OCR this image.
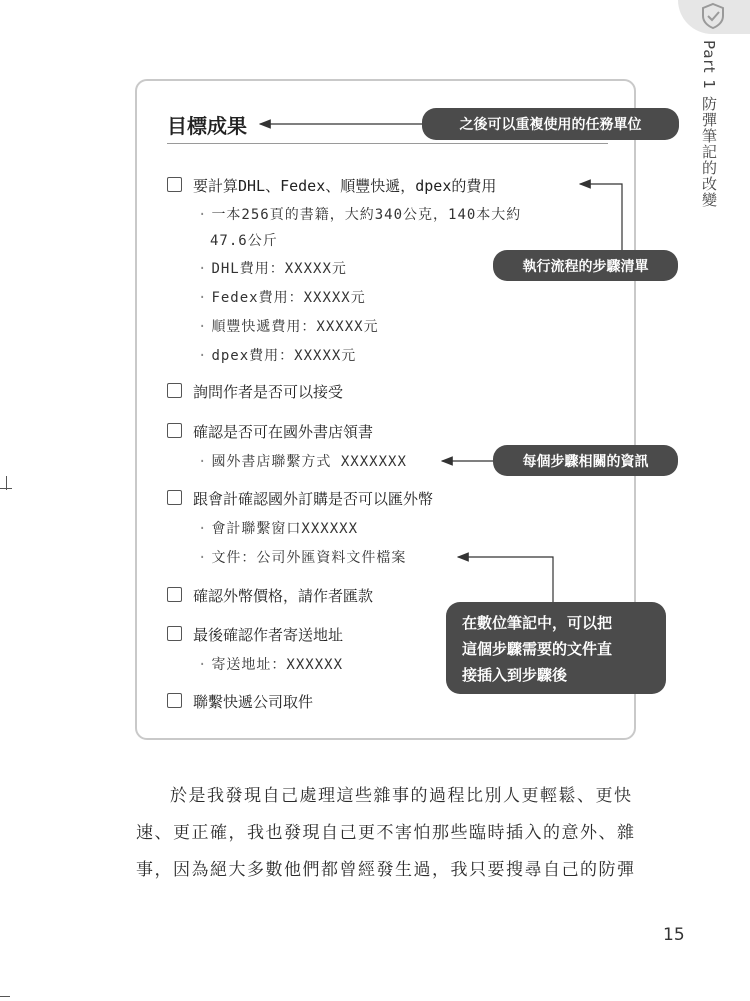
Part 1 防彈筆記的改變
目標成果
要計算DHL、Fedex、順豐快遞，dpex的費用
· 一本256頁的書籍，大約340公克，140本大約
47.6公斤
· DHL費用：XXXXX元
· Fedex費用：XXXXX元
· 順豐快遞費用：XXXXX元
· dpex費用：XXXXX元
詢問作者是否可以接受
確認是否可在國外書店領書
· 國外書店聯繫方式 XXXXXXX
跟會計確認國外訂購是否可以匯外幣
· 會計聯繫窗口XXXXXX
· 文件：公司外匯資料文件檔案
確認外幣價格，請作者匯款
最後確認作者寄送地址
· 寄送地址：XXXXXX
聯繫快遞公司取件
之後可以重複使用的任務單位
執行流程的步驟清單
每個步驟相關的資訊
在數位筆記中，可以把
這個步驟需要的文件直
接插入到步驟後

於是我發現自己處理這些雜事的過程比別人更輕鬆、更快

速、更正確，我也發現自己更不害怕那些臨時插入的意外、雜
事，因為絕大多數他們都曾經發生過，我只要搜尋自己的防彈
15
